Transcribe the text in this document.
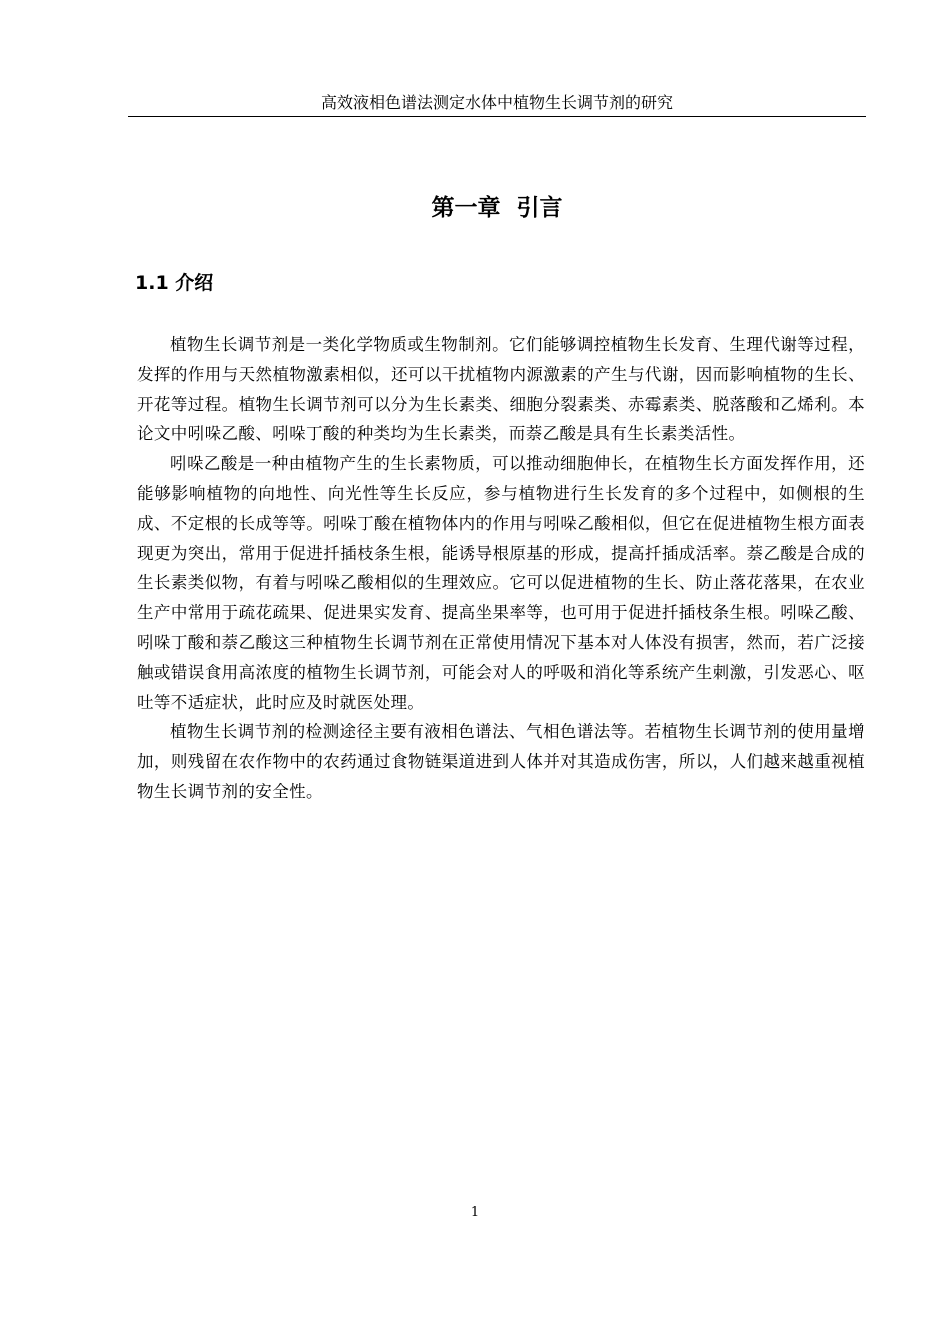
高效液相色谱法测定水体中植物生长调节剂的研究
第一章  引言
1.1 介绍

植物生长调节剂是一类化学物质或生物制剂。它们能够调控植物生长发育、生理代谢等过程，发挥的作用与天然植物激素相似，还可以干扰植物内源激素的产生与代谢，因而影响植物的生长、开花等过程。植物生长调节剂可以分为生长素类、细胞分裂素类、赤霉素类、脱落酸和乙烯利。本论文中吲哚乙酸、吲哚丁酸的种类均为生长素类，而萘乙酸是具有生长素类活性。

吲哚乙酸是一种由植物产生的生长素物质，可以推动细胞伸长，在植物生长方面发挥作用，还能够影响植物的向地性、向光性等生长反应，参与植物进行生长发育的多个过程中，如侧根的生成、不定根的长成等等。吲哚丁酸在植物体内的作用与吲哚乙酸相似，但它在促进植物生根方面表现更为突出，常用于促进扦插枝条生根，能诱导根原基的形成，提高扦插成活率。萘乙酸是合成的生长素类似物，有着与吲哚乙酸相似的生理效应。它可以促进植物的生长、防止落花落果，在农业生产中常用于疏花疏果、促进果实发育、提高坐果率等，也可用于促进扦插枝条生根。吲哚乙酸、吲哚丁酸和萘乙酸这三种植物生长调节剂在正常使用情况下基本对人体没有损害，然而，若广泛接触或错误食用高浓度的植物生长调节剂，可能会对人的呼吸和消化等系统产生刺激，引发恶心、呕吐等不适症状，此时应及时就医处理。

植物生长调节剂的检测途径主要有液相色谱法、气相色谱法等。若植物生长调节剂的使用量增加，则残留在农作物中的农药通过食物链渠道进到人体并对其造成伤害，所以，人们越来越重视植物生长调节剂的安全性。

1
